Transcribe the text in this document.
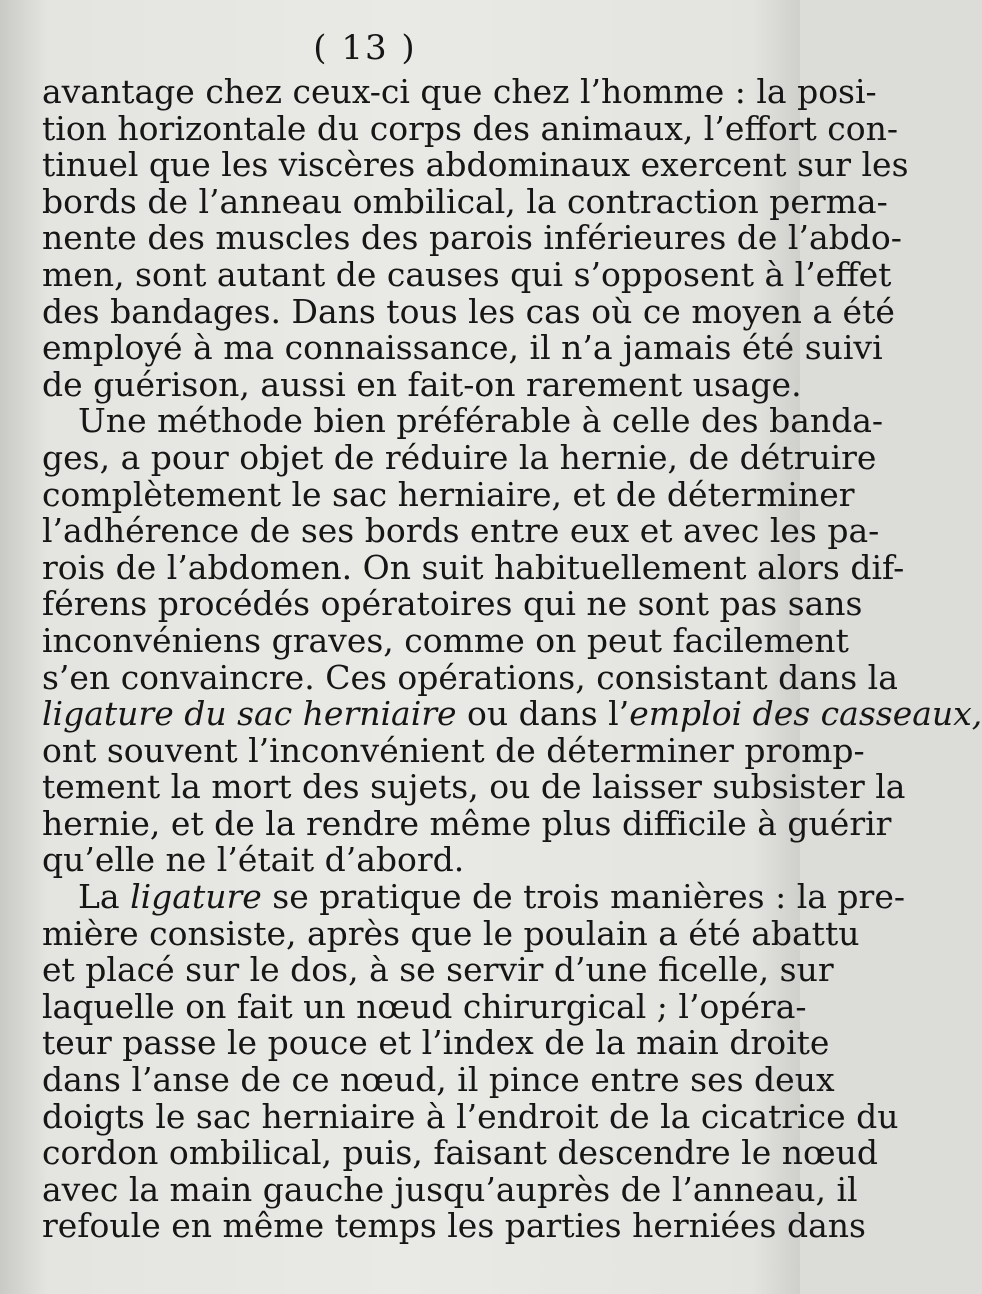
( 13 )
avantage chez ceux-ci que chez l’homme : la posi-
tion horizontale du corps des animaux, l’effort con-
tinuel que les viscères abdominaux exercent sur les
bords de l’anneau ombilical, la contraction perma-
nente des muscles des parois inférieures de l’abdo-
men, sont autant de causes qui s’opposent à l’effet
des bandages. Dans tous les cas où ce moyen a été
employé à ma connaissance, il n’a jamais été suivi
de guérison, aussi en fait-on rarement usage.
Une méthode bien préférable à celle des banda-
ges, a pour objet de réduire la hernie, de détruire
complètement le sac herniaire, et de déterminer
l’adhérence de ses bords entre eux et avec les pa-
rois de l’abdomen. On suit habituellement alors dif-
férens procédés opératoires qui ne sont pas sans
inconvéniens graves, comme on peut facilement
s’en convaincre. Ces opérations, consistant dans la
ligature du sac herniaire ou dans l’emploi des casseaux,
ont souvent l’inconvénient de déterminer promp-
tement la mort des sujets, ou de laisser subsister la
hernie, et de la rendre même plus difficile à guérir
qu’elle ne l’était d’abord.
La ligature se pratique de trois manières : la pre-
mière consiste, après que le poulain a été abattu
et placé sur le dos, à se servir d’une ficelle, sur
laquelle on fait un nœud chirurgical ; l’opéra-
teur passe le pouce et l’index de la main droite
dans l’anse de ce nœud, il pince entre ses deux
doigts le sac herniaire à l’endroit de la cicatrice du
cordon ombilical, puis, faisant descendre le nœud
avec la main gauche jusqu’auprès de l’anneau, il
refoule en même temps les parties herniées dans
